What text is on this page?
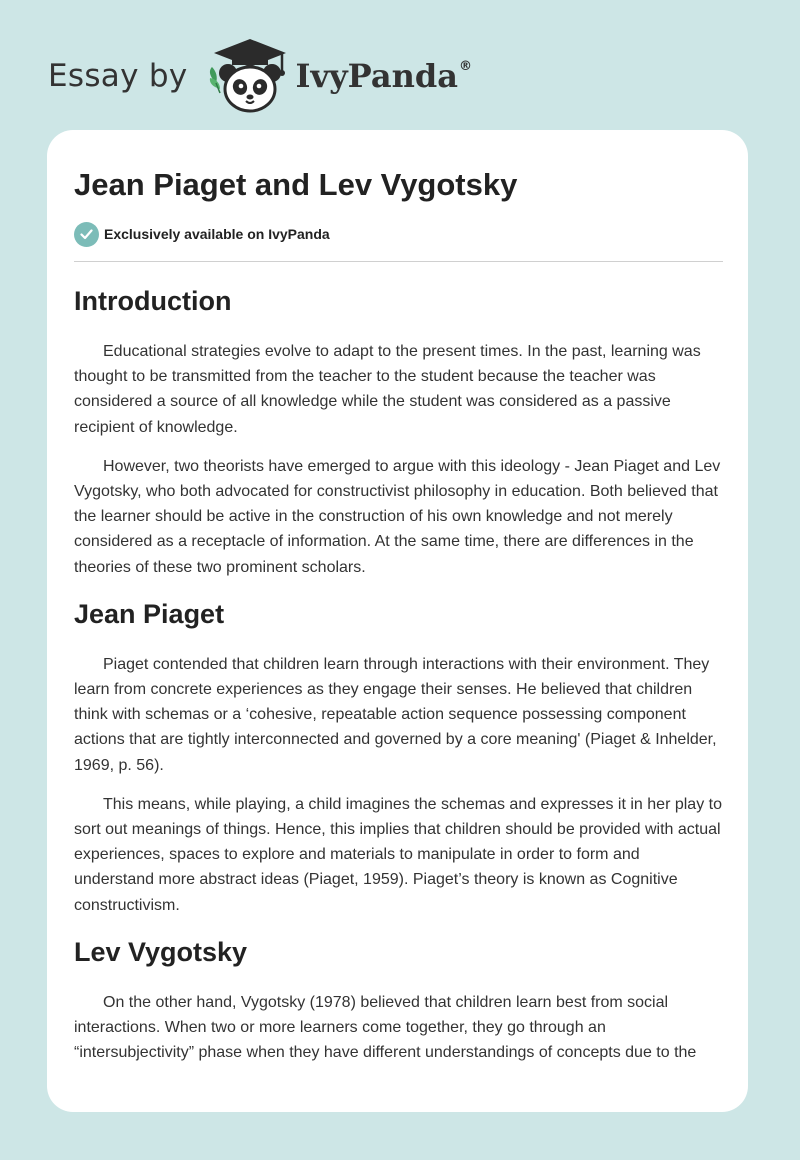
Essay by	IvyPanda ®
Jean Piaget and Lev Vygotsky
Exclusively available on IvyPanda
Introduction

Educational strategies evolve to adapt to the present times. In the past, learning was thought to be transmitted from the teacher to the student because the teacher was considered a source of all knowledge while the student was considered as a passive recipient of knowledge.

However, two theorists have emerged to argue with this ideology - Jean Piaget and Lev Vygotsky, who both advocated for constructivist philosophy in education. Both believed that the learner should be active in the construction of his own knowledge and not merely considered as a receptacle of information. At the same time, there are differences in the theories of these two prominent scholars.

Jean Piaget

Piaget contended that children learn through interactions with their environment. They learn from concrete experiences as they engage their senses. He believed that children think with schemas or a ‘cohesive, repeatable action sequence possessing component actions that are tightly interconnected and governed by a core meaning' (Piaget & Inhelder, 1969, p. 56).

This means, while playing, a child imagines the schemas and expresses it in her play to sort out meanings of things. Hence, this implies that children should be provided with actual experiences, spaces to explore and materials to manipulate in order to form and understand more abstract ideas (Piaget, 1959). Piaget’s theory is known as Cognitive constructivism.

Lev Vygotsky

On the other hand, Vygotsky (1978) believed that children learn best from social interactions. When two or more learners come together, they go through an “intersubjectivity” phase when they have different understandings of concepts due to the
